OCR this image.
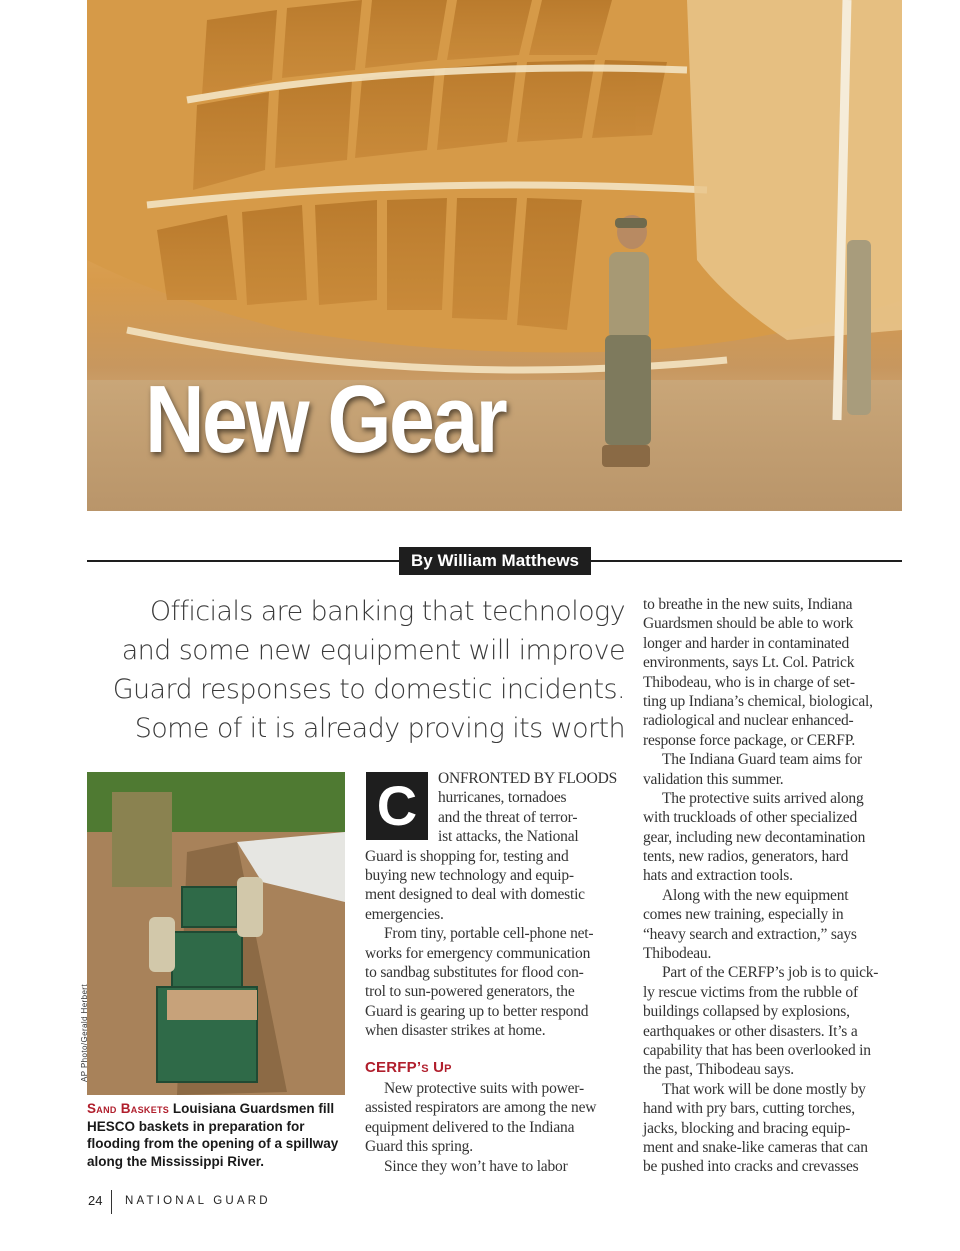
New Gear
By William Matthews
Officials are banking that technology
and some new equipment will improve
Guard responses to domestic incidents.
Some of it is already proving its worth
AP Photo/Gerald Herbert
Sand Baskets Louisiana Guardsmen fill HESCO baskets in preparation for flooding from the opening of a spillway along the Mississippi River.
C	ONFRONTED BY FLOODS
hurricanes, tornadoes
and the threat of terror-
ist attacks, the National
Guard is shopping for, testing and
buying new technology and equip-
ment designed to deal with domestic
emergencies.
From tiny, portable cell-phone net-
works for emergency communication
to sandbag substitutes for flood con-
trol to sun-powered generators, the
Guard is gearing up to better respond
when disaster strikes at home.
CERFP’s Up
New protective suits with power-
assisted respirators are among the new
equipment delivered to the Indiana
Guard this spring.
Since they won’t have to labor
to breathe in the new suits, Indiana
Guardsmen should be able to work
longer and harder in contaminated
environments, says Lt. Col. Patrick
Thibodeau, who is in charge of set-
ting up Indiana’s chemical, biological,
radiological and nuclear enhanced-
response force package, or CERFP.
The Indiana Guard team aims for
validation this summer.
The protective suits arrived along
with truckloads of other specialized
gear, including new decontamination
tents, new radios, generators, hard
hats and extraction tools.
Along with the new equipment
comes new training, especially in
“heavy search and extraction,” says
Thibodeau.
Part of the CERFP’s job is to quick-
ly rescue victims from the rubble of
buildings collapsed by explosions,
earthquakes or other disasters. It’s a
capability that has been overlooked in
the past, Thibodeau says.
That work will be done mostly by
hand with pry bars, cutting torches,
jacks, blocking and bracing equip-
ment and snake-like cameras that can
be pushed into cracks and crevasses
24 NATIONAL GUARD
